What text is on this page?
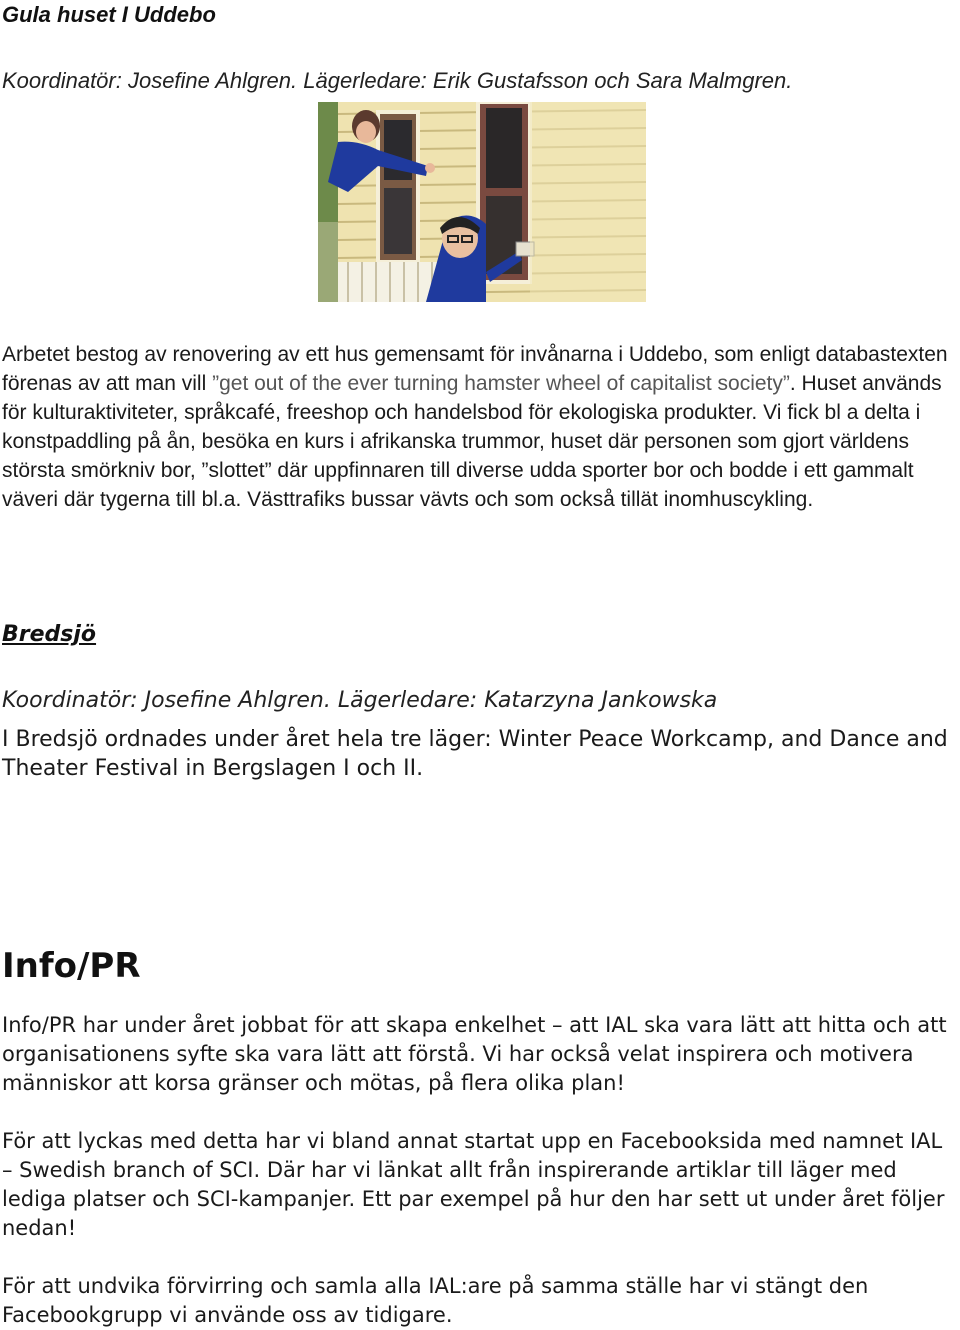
Gula huset I Uddebo

Koordinatör: Josefine Ahlgren. Lägerledare: Erik Gustafsson och Sara Malmgren.

Arbetet bestog av renovering av ett hus gemensamt för invånarna i Uddebo, som enligt databastexten förenas av att man vill ”get out of the ever turning hamster wheel of capitalist society”. Huset används för kulturaktiviteter, språkcafé, freeshop och handelsbod för ekologiska produkter. Vi fick bl a delta i konstpaddling på ån, besöka en kurs i afrikanska trummor, huset där personen som gjort världens största smörkniv bor, ”slottet” där uppfinnaren till diverse udda sporter bor och bodde i ett gammalt väveri där tygerna till bl.a. Västtrafiks bussar vävts och som också tillät inomhuscykling.

Bredsjö

Koordinatör: Josefine Ahlgren. Lägerledare: Katarzyna Jankowska

I Bredsjö ordnades under året hela tre läger: Winter Peace Workcamp, and Dance and Theater Festival in Bergslagen I och II.

Info/PR

Info/PR har under året jobbat för att skapa enkelhet – att IAL ska vara lätt att hitta och att organisationens syfte ska vara lätt att förstå. Vi har också velat inspirera och motivera människor att korsa gränser och mötas, på flera olika plan!

För att lyckas med detta har vi bland annat startat upp en Facebooksida med namnet IAL – Swedish branch of SCI. Där har vi länkat allt från inspirerande artiklar till läger med lediga platser och SCI-kampanjer. Ett par exempel på hur den har sett ut under året följer nedan!

För att undvika förvirring och samla alla IAL:are på samma ställe har vi stängt den Facebookgrupp vi använde oss av tidigare.
